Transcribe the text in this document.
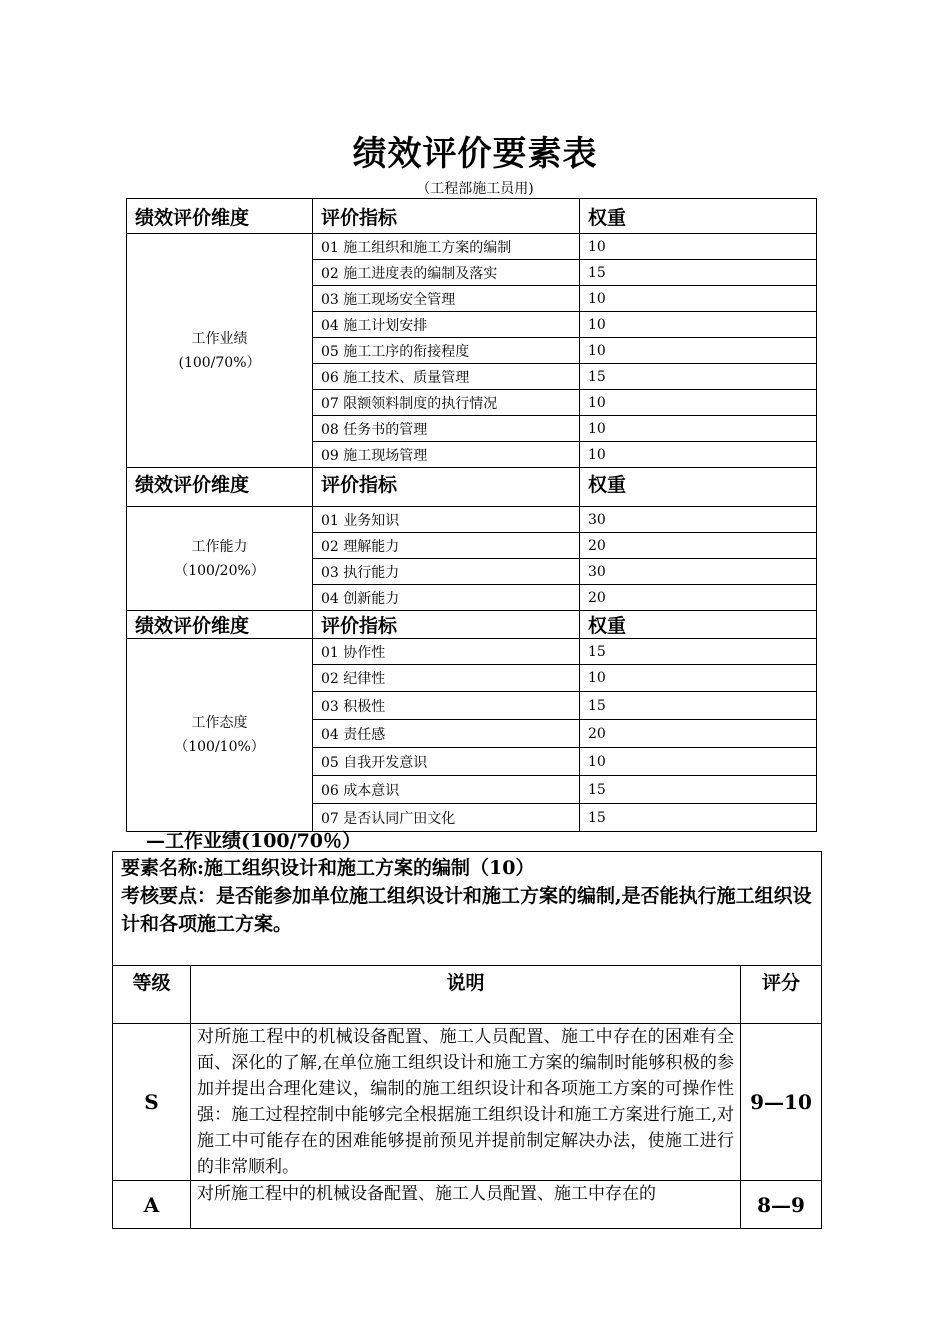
绩效评价要素表
（工程部施工员用)
绩效评价维度	评价指标	权重

工作业绩
(100/70%）	01 施工组织和施工方案的编制	10
	02 施工进度表的编制及落实	15
	03 施工现场安全管理	10
	04 施工计划安排	10
	05 施工工序的衔接程度	10
	06 施工技术、质量管理	15
	07 限额领料制度的执行情况	10
	08 任务书的管理	10
	09 施工现场管理	10
绩效评价维度	评价指标	权重

工作能力
（100/20%）	01 业务知识	30
	02 理解能力	20
	03 执行能力	30
	04 创新能力	20
绩效评价维度	评价指标	权重

工作态度
（100/10%）	01 协作性	15
	02 纪律性	10
	03 积极性	15
	04 责任感	20
	05 自我开发意识	10
	06 成本意识	15
	07 是否认同广田文化	15
—工作业绩(100/70％）
要素名称:施工组织设计和施工方案的编制（10）
考核要点：是否能参加单位施工组织设计和施工方案的编制,是否能执行施工组织设计和各项施工方案。		

等级	说明	评分
S	对所施工程中的机械设备配置、施工人员配置、施工中存在的困难有全面、深化的了解,在单位施工组织设计和施工方案的编制时能够积极的参加并提出合理化建议，编制的施工组织设计和各项施工方案的可操作性强：施工过程控制中能够完全根据施工组织设计和施工方案进行施工,对施工中可能存在的困难能够提前预见并提前制定解决办法，使施工进行的非常顺利。	9—10
A	对所施工程中的机械设备配置、施工人员配置、施工中存在的	8—9
